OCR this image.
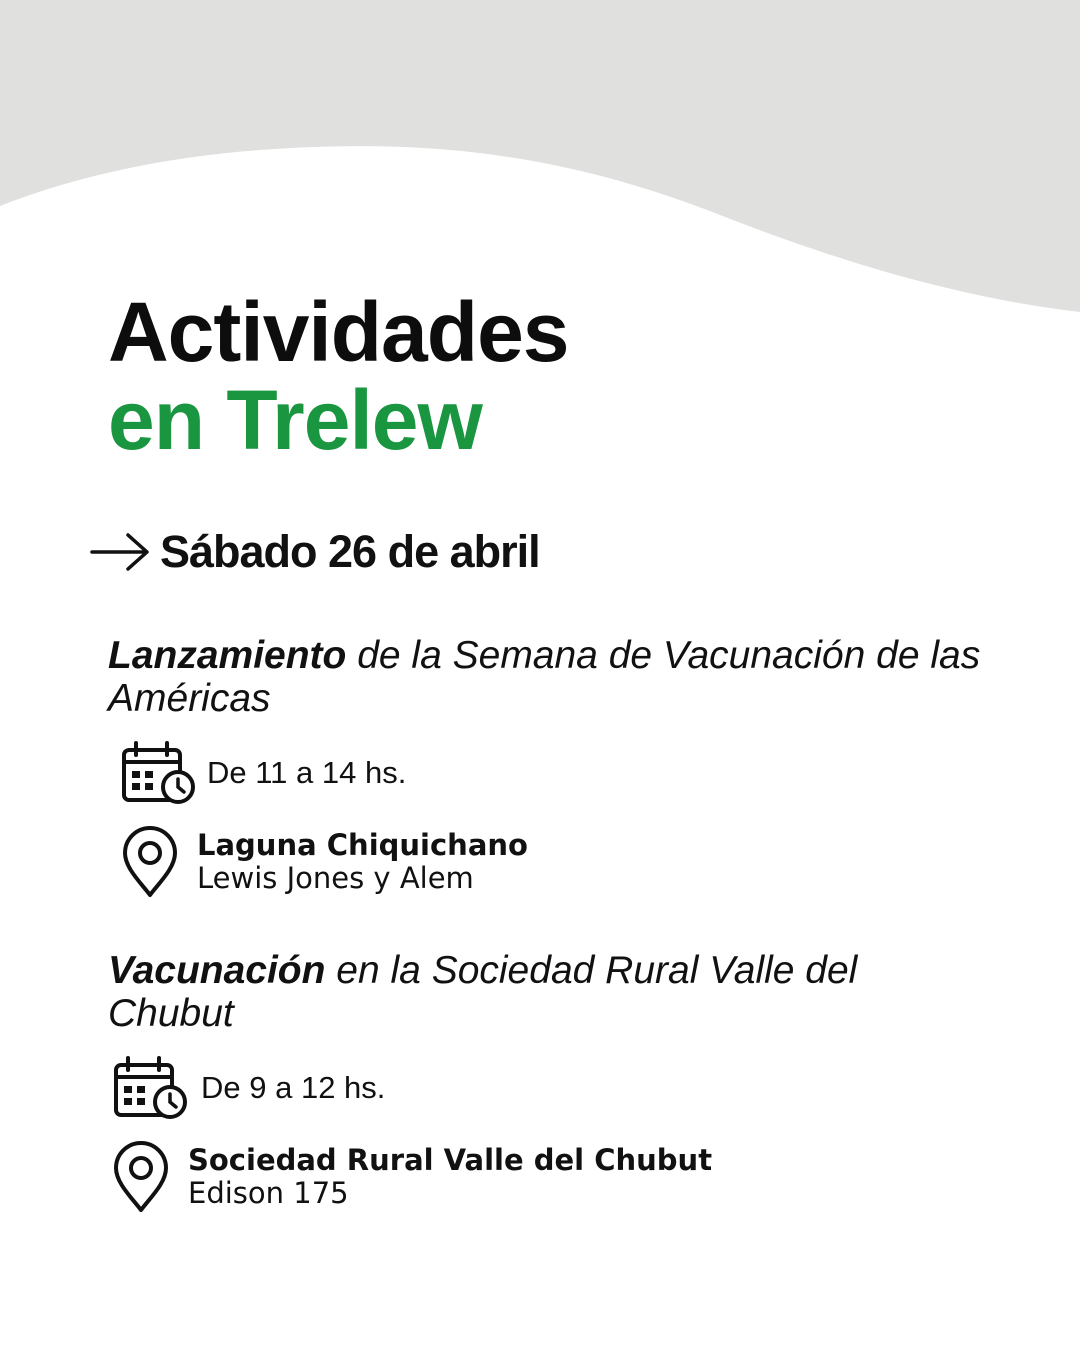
Actividades
en Trelew
Sábado 26 de abril

Lanzamiento de la Semana de Vacunación de las Américas

De 11 a 14 hs.
Laguna Chiquichano
Lewis Jones y Alem

Vacunación en la Sociedad Rural Valle del Chubut

De 9 a 12 hs.
Sociedad Rural Valle del Chubut
Edison 175
